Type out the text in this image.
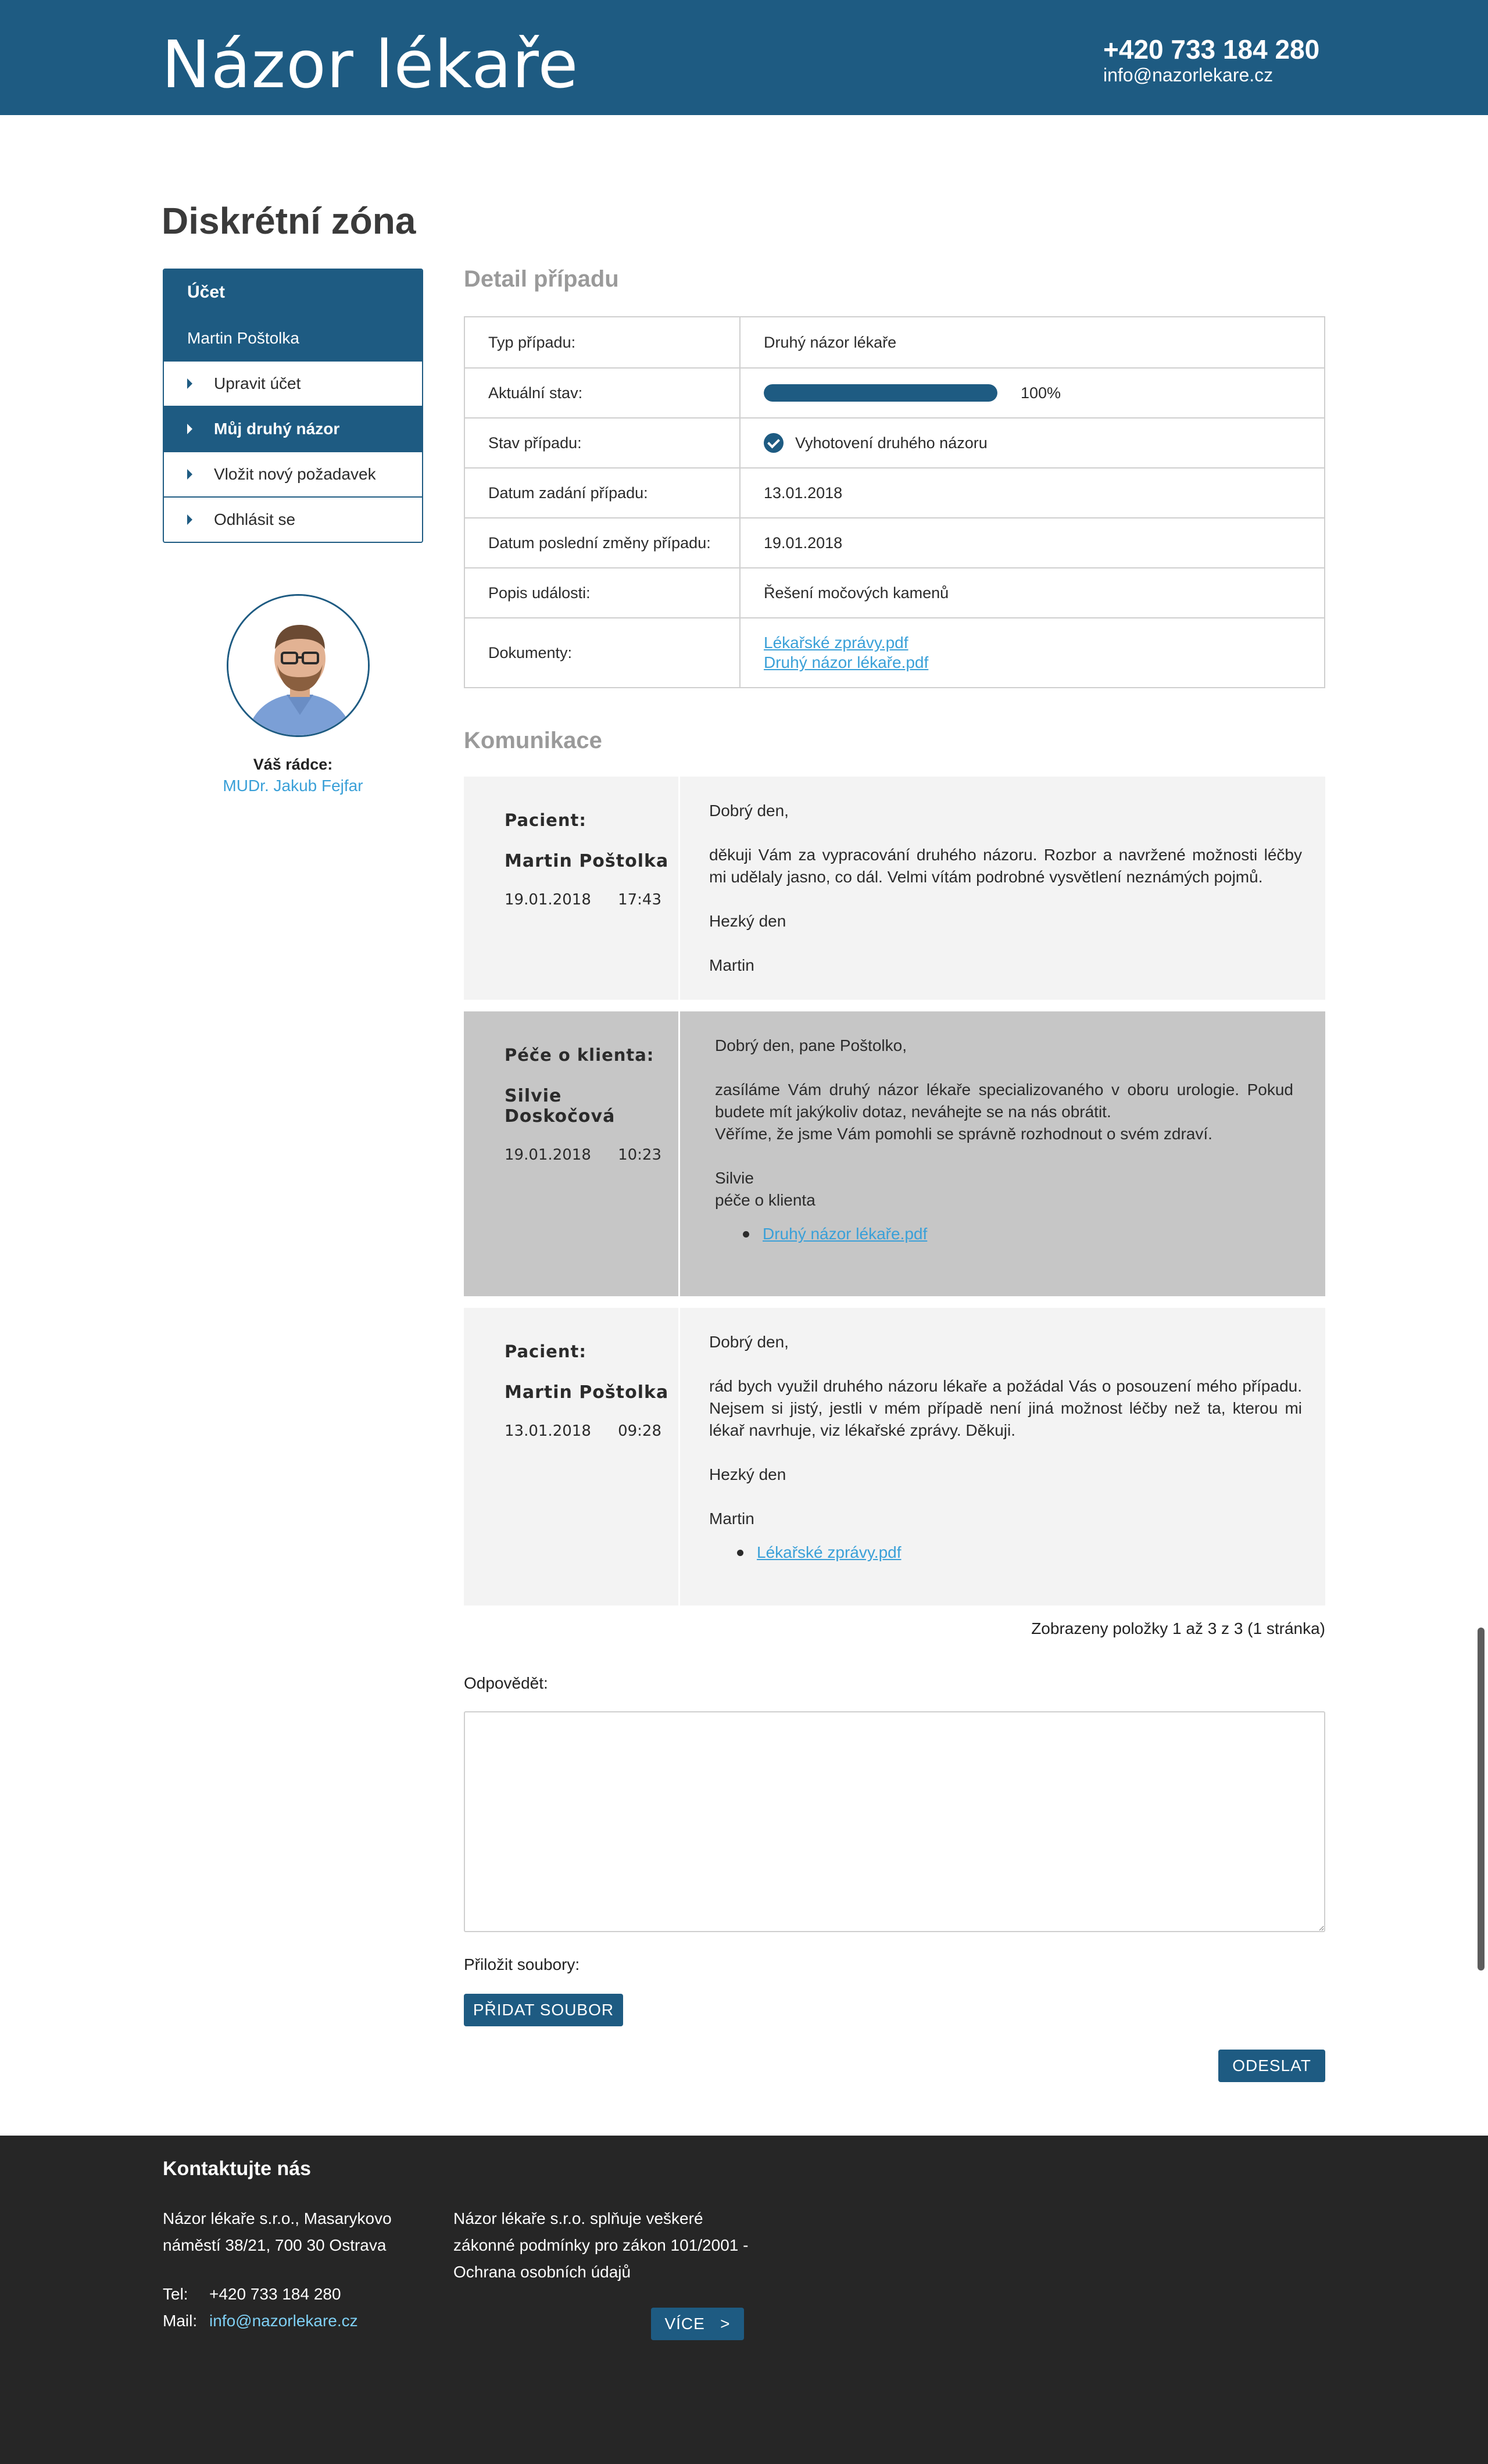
Názor lékaře	+420 733 184 280
info@nazorlekare.cz
Diskrétní zóna
Účet
Martin Poštolka
Upravit účet
Můj druhý názor
Vložit nový požadavek
Odhlásit se
Váš rádce:
MUDr. Jakub Fejfar
Detail případu
Typ případu:	Druhý názor lékaře
Aktuální stav:	100%
Stav případu:	Vyhotovení druhého názoru
Datum zadání případu:	13.01.2018
Datum poslední změny případu:	19.01.2018
Popis události:	Řešení močových kamenů
Dokumenty:
Lékařské zprávy.pdf
Druhý názor lékaře.pdf
Komunikace
Pacient:
Martin Poštolka
19.01.2018 17:43

Dobrý den,

děkuji Vám za vypracování druhého názoru. Rozbor a navržené možnosti léčby mi udělaly jasno, co dál. Velmi vítám podrobné vysvětlení neznámých pojmů.

Hezký den

Martin

Péče o klienta:
Silvie Doskočová
19.01.2018 10:23

Dobrý den, pane Poštolko,

zasíláme Vám druhý názor lékaře specializovaného v oboru urologie. Pokud budete mít jakýkoliv dotaz, neváhejte se na nás obrátit.

Věříme, že jsme Vám pomohli se správně rozhodnout o svém zdraví.

Silvie

péče o klienta

Druhý názor lékaře.pdf
Pacient:
Martin Poštolka
13.01.2018 09:28

Dobrý den,

rád bych využil druhého názoru lékaře a požádal Vás o posouzení mého případu. Nejsem si jistý, jestli v mém případě není jiná možnost léčby než ta, kterou mi lékař navrhuje, viz lékařské zprávy. Děkuji.

Hezký den

Martin

Lékařské zprávy.pdf
Zobrazeny položky 1 až 3 z 3 (1 stránka)
Odpovědět:
Přiložit soubory:
PŘIDAT SOUBOR
ODESLAT
Kontaktujte nás
Názor lékaře s.r.o., Masarykovo náměstí 38/21, 700 30 Ostrava
Tel: +420 733 184 280
Mail: info@nazorlekare.cz
Názor lékaře s.r.o. splňuje veškeré zákonné podmínky pro zákon 101/2001 - Ochrana osobních údajů
VÍCE   >
